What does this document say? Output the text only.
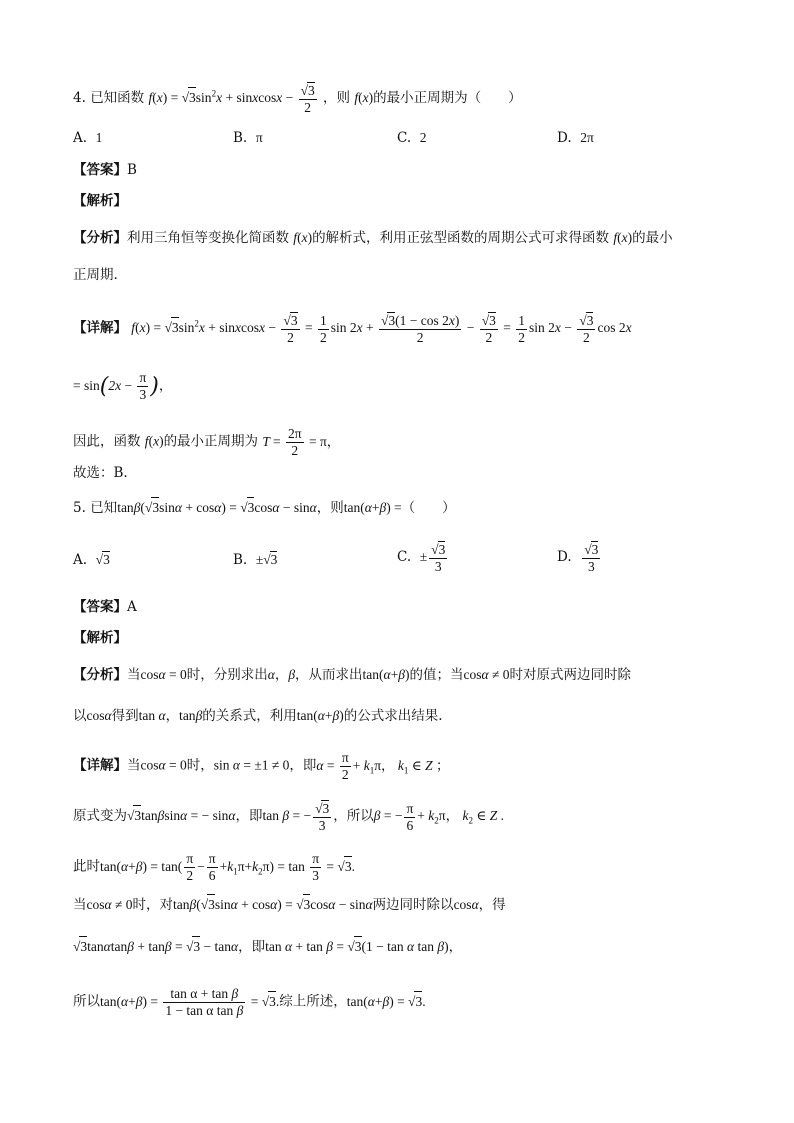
4. 已知函数 $f(x) = √3\sin^2x$ + sinxcosx − $\frac{√3}{2}$ ，则 f(x)的最小正周期为（　　）
A. 1	B. π	C. 2	D. 2π
【答案】B
【解析】
【分析】利用三角恒等变换化简函数 f(x)的解析式，利用正弦型函数的周期公式可求得函数 f(x)的最小
正周期.
【详解】 $f(x) = √3\sin^2x$ + sinxcosx − $\frac{√3}{2} = \frac{1}{2}$ $\sin 2x + \frac{√3(1 - \cos 2x)}{2} - \frac{√3}{2} = \frac{1}{2}$ $\sin 2x - \frac{√3}{2}$ cos 2x
= $\sin(2x - \frac{\pi}{3}$ )，
因此，函数 f(x)的最小正周期为 $T = \frac{2\pi}{2} = \pi$，
故选：B.
5. 已知tanβ(√3sinα + cosα) = √3cosα − sinα，则tan(α+β) =（　　）
A. √3	B. ±√3	C. ± $\frac{√3}{3}$	D. $\frac{√3}{3}$
【答案】A
【解析】
【分析】当cosα = 0时，分别求出α，β，从而求出tan(α+β)的值；当cosα ≠ 0时对原式两边同时除
以cosα得到tan α，tanβ的关系式，利用tan(α+β)的公式求出结果.
【详解】当cosα = 0时，sin α = ±1 ≠ 0，即$\alpha = \frac{\pi}{2} + k_1\pi$， $k_1$ ∈ Z ；
原式变为√3tanβsinα = − sinα，即tan β = − $\frac{√3}{3}$ ，所以β = − $\frac{\pi}{6} + k_2\pi$， $k_2$ ∈ Z .
此时$\tan(\alpha+\beta) = \tan( \frac{\pi}{2} - \frac{\pi}{6} +k_1\pi+k_2\pi) = \tan \frac{\pi}{3} = √3$.
当cosα ≠ 0时，对tanβ(√3sinα + cosα) = √3cosα − sinα两边同时除以cosα，得
√3tanαtanβ + tanβ = √3 − tanα，即tan α + tan β = √3(1 − tan α tan β)，
所以$\tan(\alpha+\beta) = \frac{\text{tan α + tan β}}{\text{1 − tan α tan β}} = √3$.综上所述，tan(α+β) = √3.
